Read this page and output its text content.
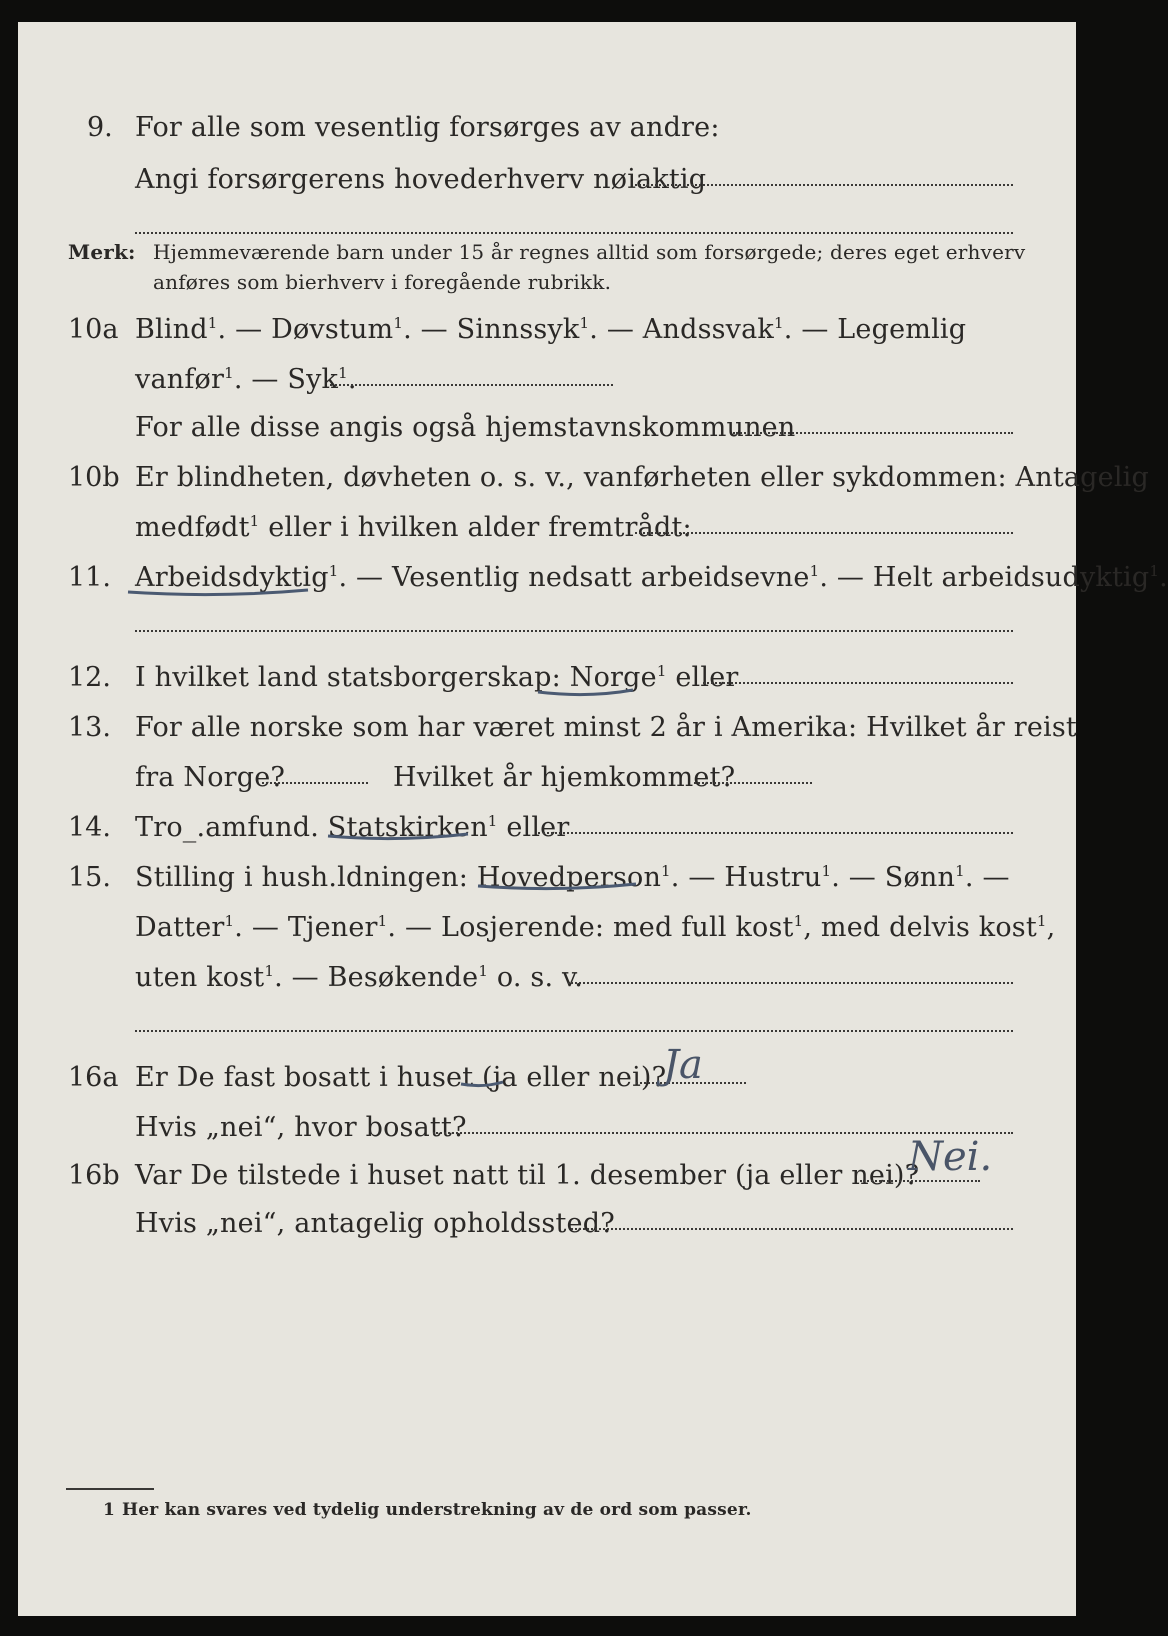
9. For alle som vesentlig forsørges av andre:
Angi forsørgerens hovederhverv nøiaktig
Merk: Hjemmeværende barn under 15 år regnes alltid som forsørgede; deres eget erhverv
anføres som bierhverv i foregående rubrikk.
10a Blind$^1$. — Døvstum$^1$. — Sinnssyk$^1$. — Andssvak$^1$. — Legemlig
vanfør$^1$. — Syk$^1$.
For alle disse angis også hjemstavnskommunen
10b Er blindheten, døvheten o. s. v., vanførheten eller sykdommen: Antagelig
medfødt$^1$ eller i hvilken alder fremtrådt:
11. Arbeidsdyktig$^1$. — Vesentlig nedsatt arbeidsevne$^1$. — Helt arbeidsudyktig$^1$.
12. I hvilket land statsborgerskap: Norge$^1$ eller
13. For alle norske som har været minst 2 år i Amerika: Hvilket år reist
fra Norge?	Hvilket år hjemkommet?
14. Tro_.amfund. Statskirken$^1$ eller
15. Stilling i hush.ldningen: Hovedperson$^1$. — Hustru$^1$. — Sønn$^1$. —
Datter$^1$. — Tjener$^1$. — Losjerende: med full kost$^1$, med delvis kost$^1$,
uten kost$^1$. — Besøkende$^1$ o. s. v.
16a Er De fast bosatt i huset (ja eller nei)?
Ja
Hvis „nei“, hvor bosatt?
16b Var De tilstede i huset natt til 1. desember (ja eller nei)?
Nei.
Hvis „nei“, antagelig opholdssted?
1 Her kan svares ved tydelig understrekning av de ord som passer.
